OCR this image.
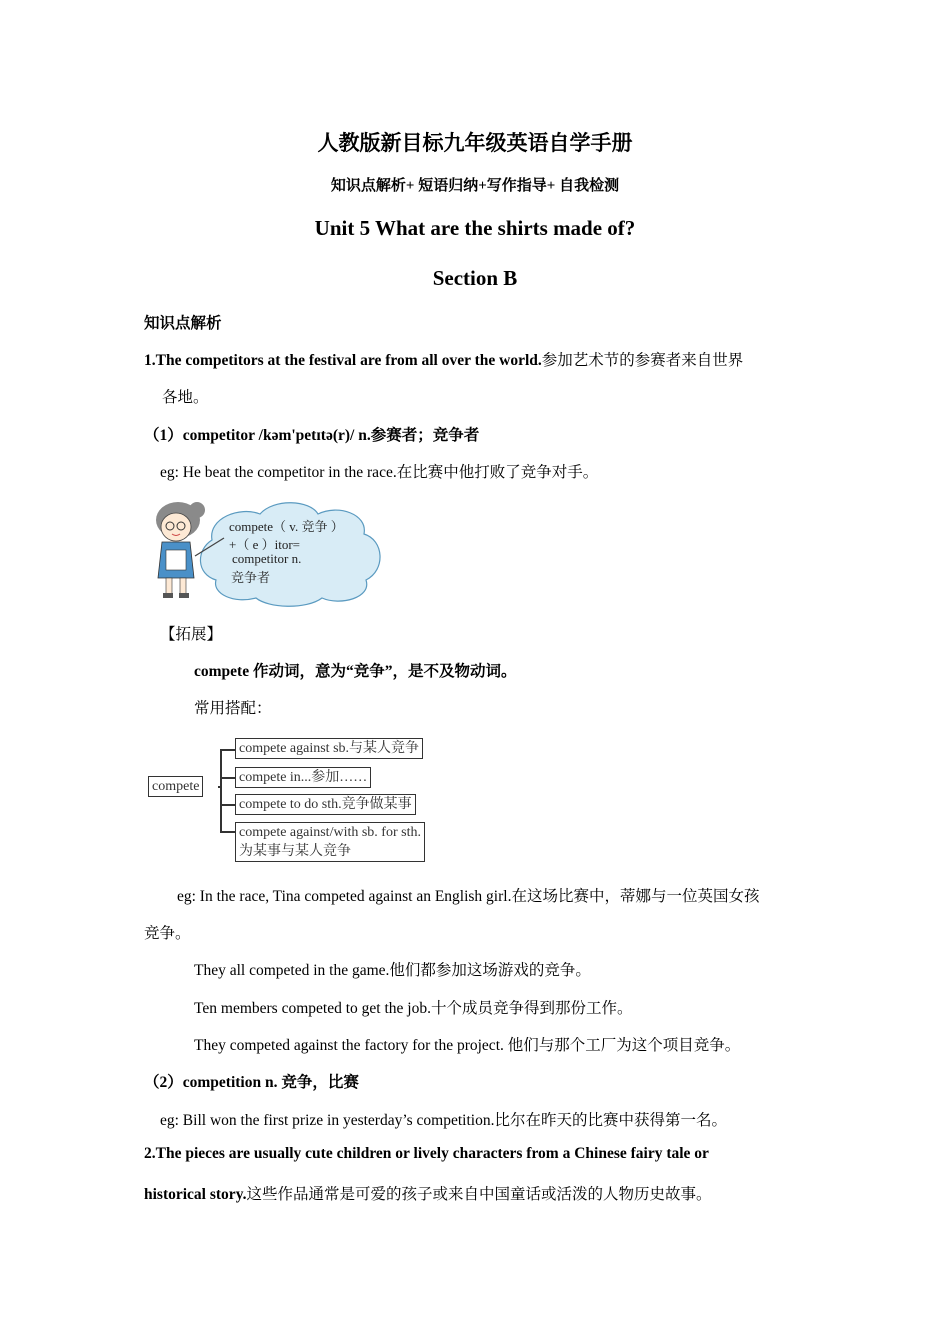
人教版新目标九年级英语自学手册
知识点解析+ 短语归纳+写作指导+ 自我检测
Unit 5 What are the shirts made of?
Section B
知识点解析
1.The competitors at the festival are from all over the world.参加艺术节的参赛者来自世界
各地。
（1）competitor /kəm'petɪtə(r)/ n.参赛者；竞争者
eg: He beat the competitor in the race.在比赛中他打败了竞争对手。
compete（ v. 竞争 ）
+（ e ）itor=
competitor n.
竞争者
【拓展】
compete 作动词，意为“竞争”，是不及物动词。
常用搭配：
compete
compete against sb.与某人竞争
compete in...参加……
compete to do sth.竞争做某事
compete against/with sb. for sth.
为某事与某人竞争
eg: In the race, Tina competed against an English girl.在这场比赛中，蒂娜与一位英国女孩
竞争。
They all competed in the game.他们都参加这场游戏的竞争。
Ten members competed to get the job.十个成员竞争得到那份工作。
They competed against the factory for the project. 他们与那个工厂为这个项目竞争。
（2）competition n. 竞争，比赛
eg: Bill won the first prize in yesterday’s competition.比尔在昨天的比赛中获得第一名。
2.The pieces are usually cute children or lively characters from a Chinese fairy tale or
historical story.这些作品通常是可爱的孩子或来自中国童话或活泼的人物历史故事。
